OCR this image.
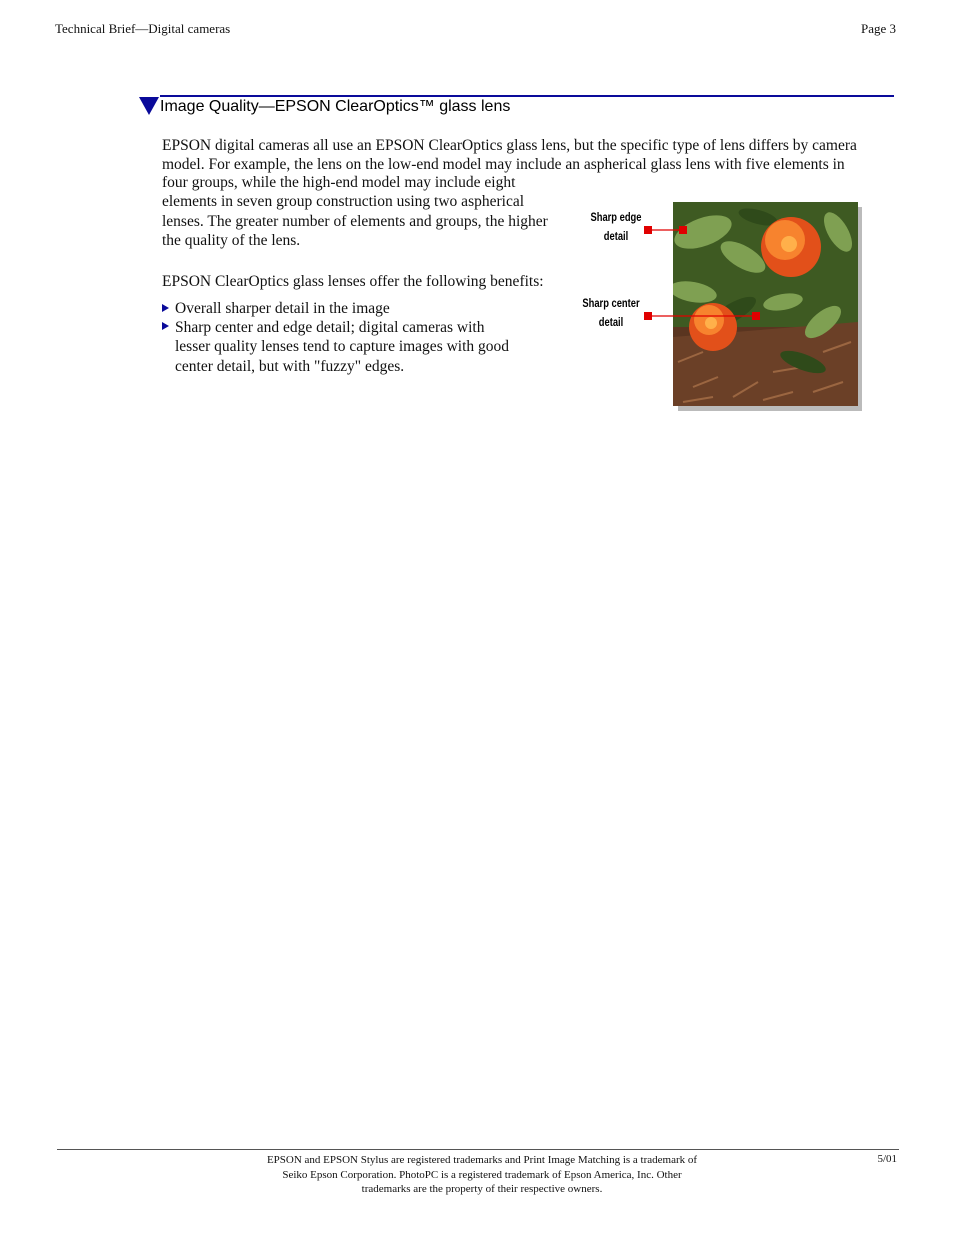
Technical Brief—Digital cameras	Page 3
Image Quality—EPSON ClearOptics™ glass lens

EPSON digital cameras all use an EPSON ClearOptics glass lens, but the specific type of lens differs by camera model. For example, the lens on the low-end model may include an aspherical glass lens with five elements in

four groups, while the high-end model may include eight elements in seven group construction using two aspherical lenses. The greater number of elements and groups, the higher the quality of the lens.

EPSON ClearOptics glass lenses offer the following benefits:

Overall sharper detail in the image

Sharp center and edge detail; digital cameras with lesser quality lenses tend to capture images with good center detail, but with "fuzzy" edges.

Sharp edge detail
Sharp center detail
EPSON and EPSON Stylus are registered trademarks and Print Image Matching is a trademark of Seiko Epson Corporation. PhotoPC is a registered trademark of Epson America, Inc. Other trademarks are the property of their respective owners.
5/01
